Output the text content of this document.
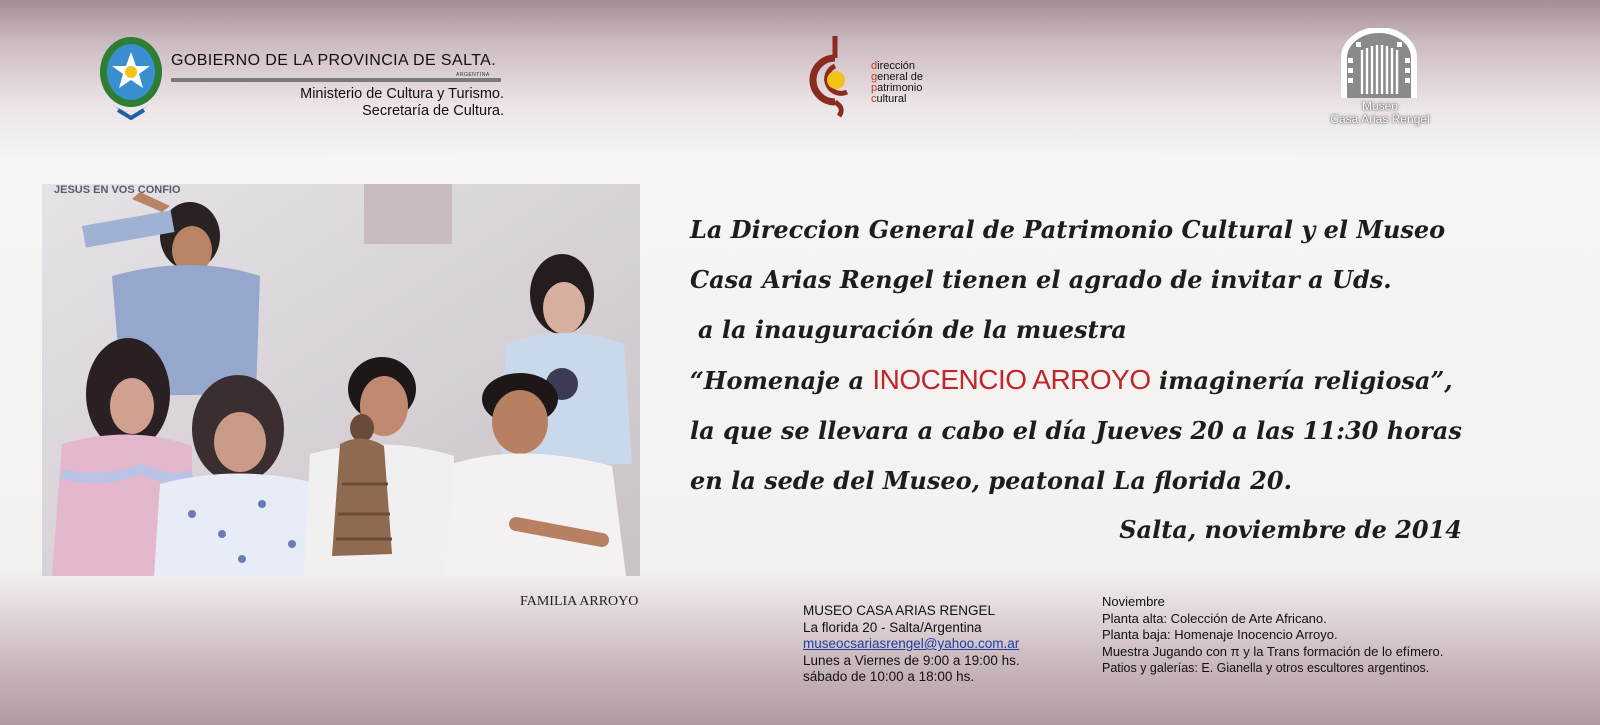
GOBIERNO DE LA PROVINCIA DE SALTA.
ARGENTINA
Ministerio de Cultura y Turismo.
Secretaría de Cultura.
dirección
general de
patrimonio
cultural	Museo
Casa Arias Rengel
JESUS EN VOS CONFIO
FAMILIA ARROYO
La Direccion General de Patrimonio Cultural y el Museo
Casa Arias Rengel tienen el agrado de invitar a Uds.
a la inauguración de la muestra
“Homenaje a INOCENCIO ARROYO imaginería religiosa”,
la que se llevara a cabo el día Jueves 20 a las 11:30 horas
en la sede del Museo, peatonal La florida 20.
Salta, noviembre de 2014
MUSEO CASA ARIAS RENGEL
La florida 20 - Salta/Argentina
museocsariasrengel@yahoo.com.ar
Lunes a Viernes de 9:00 a 19:00 hs.
sábado de 10:00 a 18:00 hs.
Noviembre
Planta alta: Colección de Arte Africano.
Planta baja: Homenaje Inocencio Arroyo.
Muestra Jugando con π y la Trans formación de lo efímero.
Patios y galerías: E. Gianella y otros escultores argentinos.
